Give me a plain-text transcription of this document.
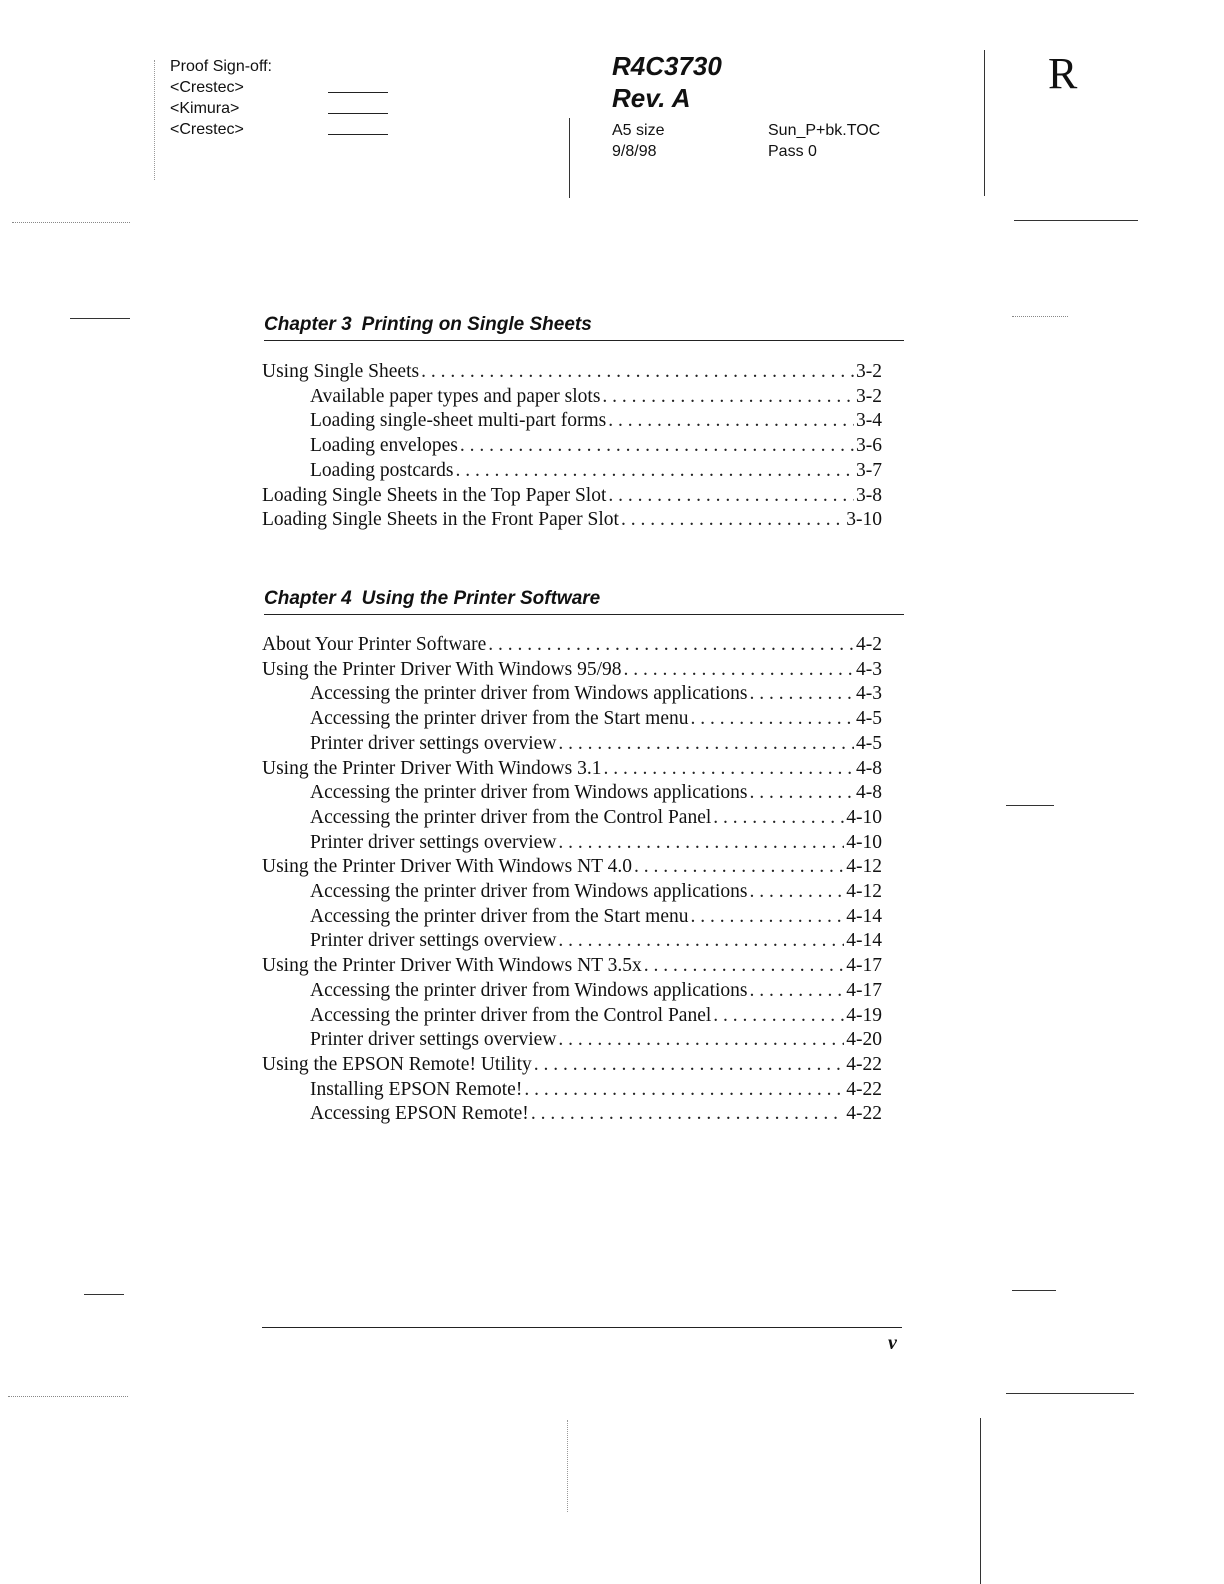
Proof Sign-off:
<Crestec>
<Kimura>
<Crestec>
R4C3730
Rev. A
A5 size
9/8/98
Sun_P+bk.TOC
Pass 0
R
Chapter 3 Printing on Single Sheets
Using Single Sheets . . .	3-2
Available paper types and paper slots . . .	3-2
Loading single-sheet multi-part forms . . .	3-4
Loading envelopes . . .	3-6
Loading postcards . . .	3-7
Loading Single Sheets in the Top Paper Slot . . .	3-8
Loading Single Sheets in the Front Paper Slot . . .	3-10
Chapter 4 Using the Printer Software
About Your Printer Software . . .	4-2
Using the Printer Driver With Windows 95/98 . . .	4-3
Accessing the printer driver from Windows applications . . .	4-3
Accessing the printer driver from the Start menu . . .	4-5
Printer driver settings overview . . .	4-5
Using the Printer Driver With Windows 3.1 . . .	4-8
Accessing the printer driver from Windows applications . . .	4-8
Accessing the printer driver from the Control Panel . . .	4-10
Printer driver settings overview . . .	4-10
Using the Printer Driver With Windows NT 4.0 . . .	4-12
Accessing the printer driver from Windows applications . . .	4-12
Accessing the printer driver from the Start menu . . .	4-14
Printer driver settings overview . . .	4-14
Using the Printer Driver With Windows NT 3.5x . . .	4-17
Accessing the printer driver from Windows applications . . .	4-17
Accessing the printer driver from the Control Panel . . .	4-19
Printer driver settings overview . . .	4-20
Using the EPSON Remote! Utility . . .	4-22
Installing EPSON Remote! . . .	4-22
Accessing EPSON Remote! . . .	4-22
v
